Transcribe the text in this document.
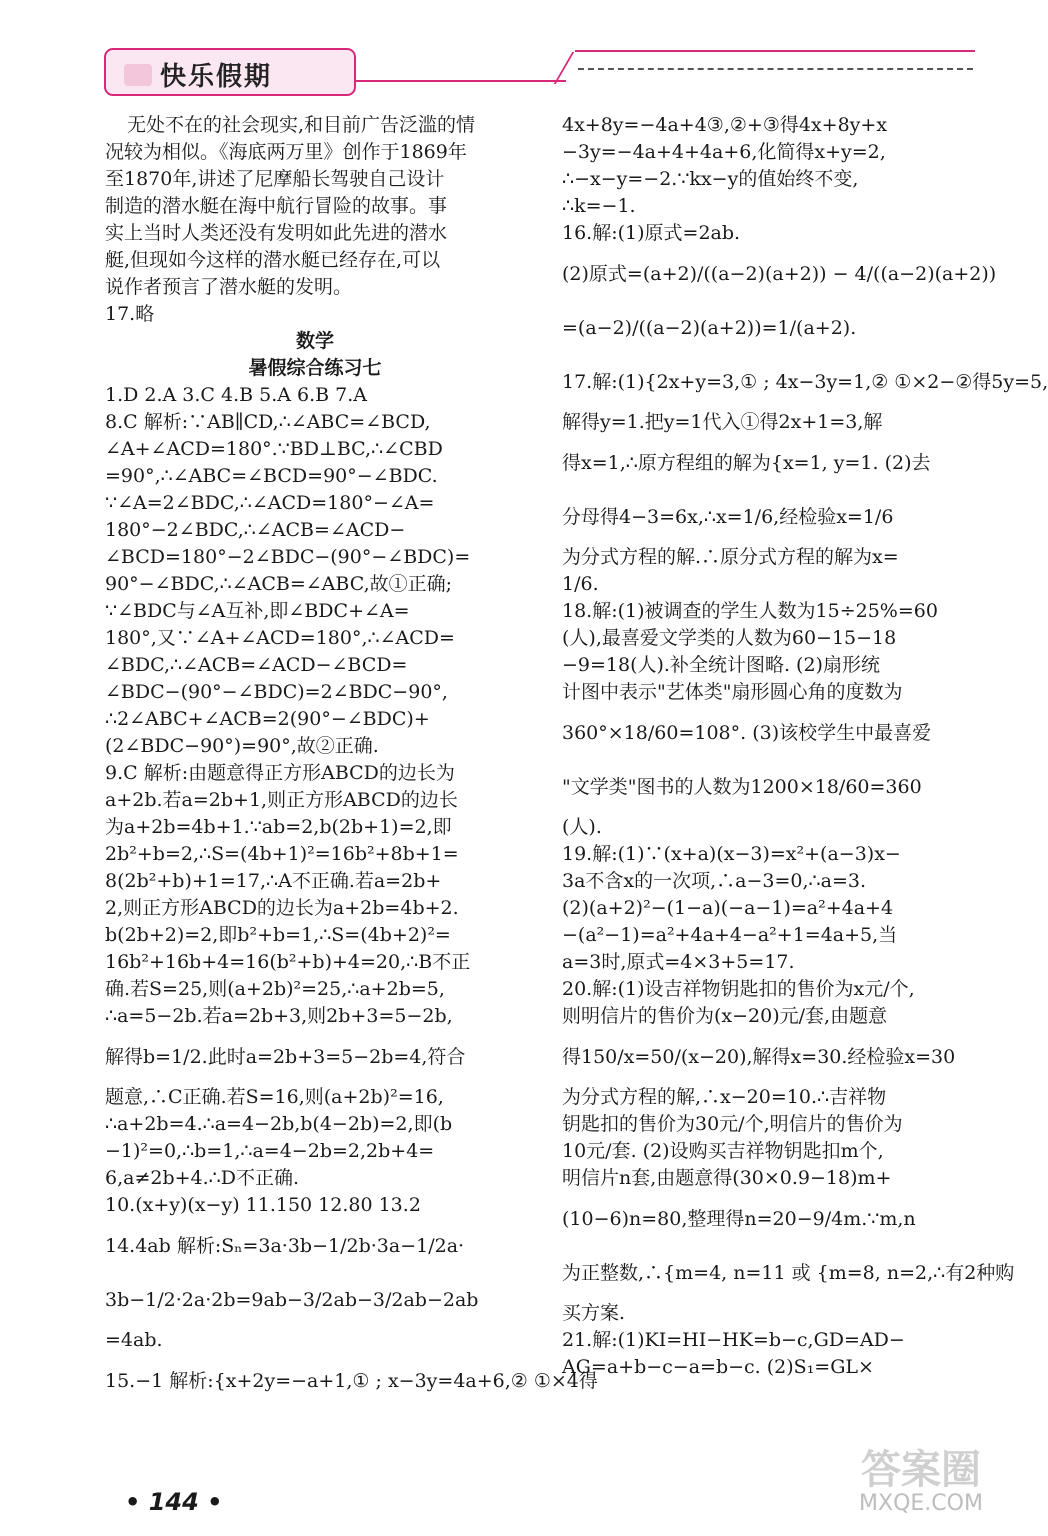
快乐假期
无处不在的社会现实,和目前广告泛滥的情
况较为相似。《海底两万里》创作于1869年
至1870年,讲述了尼摩船长驾驶自己设计
制造的潜水艇在海中航行冒险的故事。事
实上当时人类还没有发明如此先进的潜水
艇,但现如今这样的潜水艇已经存在,可以
说作者预言了潜水艇的发明。
17.略
数学
暑假综合练习七
1.D 2.A 3.C 4.B 5.A 6.B 7.A
8.C 解析:∵AB∥CD,∴∠ABC=∠BCD,
∠A+∠ACD=180°.∵BD⊥BC,∴∠CBD
=90°,∴∠ABC=∠BCD=90°−∠BDC.
∵∠A=2∠BDC,∴∠ACD=180°−∠A=
180°−2∠BDC,∴∠ACB=∠ACD−
∠BCD=180°−2∠BDC−(90°−∠BDC)=
90°−∠BDC,∴∠ACB=∠ABC,故①正确;
∵∠BDC与∠A互补,即∠BDC+∠A=
180°,又∵∠A+∠ACD=180°,∴∠ACD=
∠BDC,∴∠ACB=∠ACD−∠BCD=
∠BDC−(90°−∠BDC)=2∠BDC−90°,
∴2∠ABC+∠ACB=2(90°−∠BDC)+
(2∠BDC−90°)=90°,故②正确.
9.C 解析:由题意得正方形ABCD的边长为
a+2b.若a=2b+1,则正方形ABCD的边长
为a+2b=4b+1.∵ab=2,b(2b+1)=2,即
2b²+b=2,∴S=(4b+1)²=16b²+8b+1=
8(2b²+b)+1=17,∴A不正确.若a=2b+
2,则正方形ABCD的边长为a+2b=4b+2.
b(2b+2)=2,即b²+b=1,∴S=(4b+2)²=
16b²+16b+4=16(b²+b)+4=20,∴B不正
确.若S=25,则(a+2b)²=25,∴a+2b=5,
∴a=5−2b.若a=2b+3,则2b+3=5−2b,
解得b=1/2.此时a=2b+3=5−2b=4,符合
题意,∴C正确.若S=16,则(a+2b)²=16,
∴a+2b=4.∴a=4−2b,b(4−2b)=2,即(b
−1)²=0,∴b=1,∴a=4−2b=2,2b+4=
6,a≠2b+4.∴D不正确.
10.(x+y)(x−y) 11.150 12.80 13.2
14.4ab 解析:Sₙ=3a·3b−1/2b·3a−1/2a·
3b−1/2·2a·2b=9ab−3/2ab−3/2ab−2ab
=4ab.
15.−1 解析:{x+2y=−a+1,① ; x−3y=4a+6,② ①×4得
4x+8y=−4a+4③,②+③得4x+8y+x
−3y=−4a+4+4a+6,化简得x+y=2,
∴−x−y=−2.∵kx−y的值始终不变,
∴k=−1.
16.解:(1)原式=2ab.
(2)原式=(a+2)/((a−2)(a+2)) − 4/((a−2)(a+2))
=(a−2)/((a−2)(a+2))=1/(a+2).
17.解:(1){2x+y=3,① ; 4x−3y=1,② ①×2−②得5y=5,
解得y=1.把y=1代入①得2x+1=3,解
得x=1,∴原方程组的解为{x=1, y=1. (2)去
分母得4−3=6x,∴x=1/6,经检验x=1/6
为分式方程的解.∴原分式方程的解为x=
1/6.
18.解:(1)被调查的学生人数为15÷25%=60
(人),最喜爱文学类的人数为60−15−18
−9=18(人).补全统计图略. (2)扇形统
计图中表示"艺体类"扇形圆心角的度数为
360°×18/60=108°. (3)该校学生中最喜爱
"文学类"图书的人数为1200×18/60=360
(人).
19.解:(1)∵(x+a)(x−3)=x²+(a−3)x−
3a不含x的一次项,∴a−3=0,∴a=3.
(2)(a+2)²−(1−a)(−a−1)=a²+4a+4
−(a²−1)=a²+4a+4−a²+1=4a+5,当
a=3时,原式=4×3+5=17.
20.解:(1)设吉祥物钥匙扣的售价为x元/个,
则明信片的售价为(x−20)元/套,由题意
得150/x=50/(x−20),解得x=30.经检验x=30
为分式方程的解,∴x−20=10.∴吉祥物
钥匙扣的售价为30元/个,明信片的售价为
10元/套. (2)设购买吉祥物钥匙扣m个,
明信片n套,由题意得(30×0.9−18)m+
(10−6)n=80,整理得n=20−9/4m.∵m,n
为正整数,∴{m=4, n=11 或 {m=8, n=2,∴有2种购
买方案.
21.解:(1)KI=HI−HK=b−c,GD=AD−
AG=a+b−c−a=b−c. (2)S₁=GL×
• 144 •
答案圈
MXQE.COM
